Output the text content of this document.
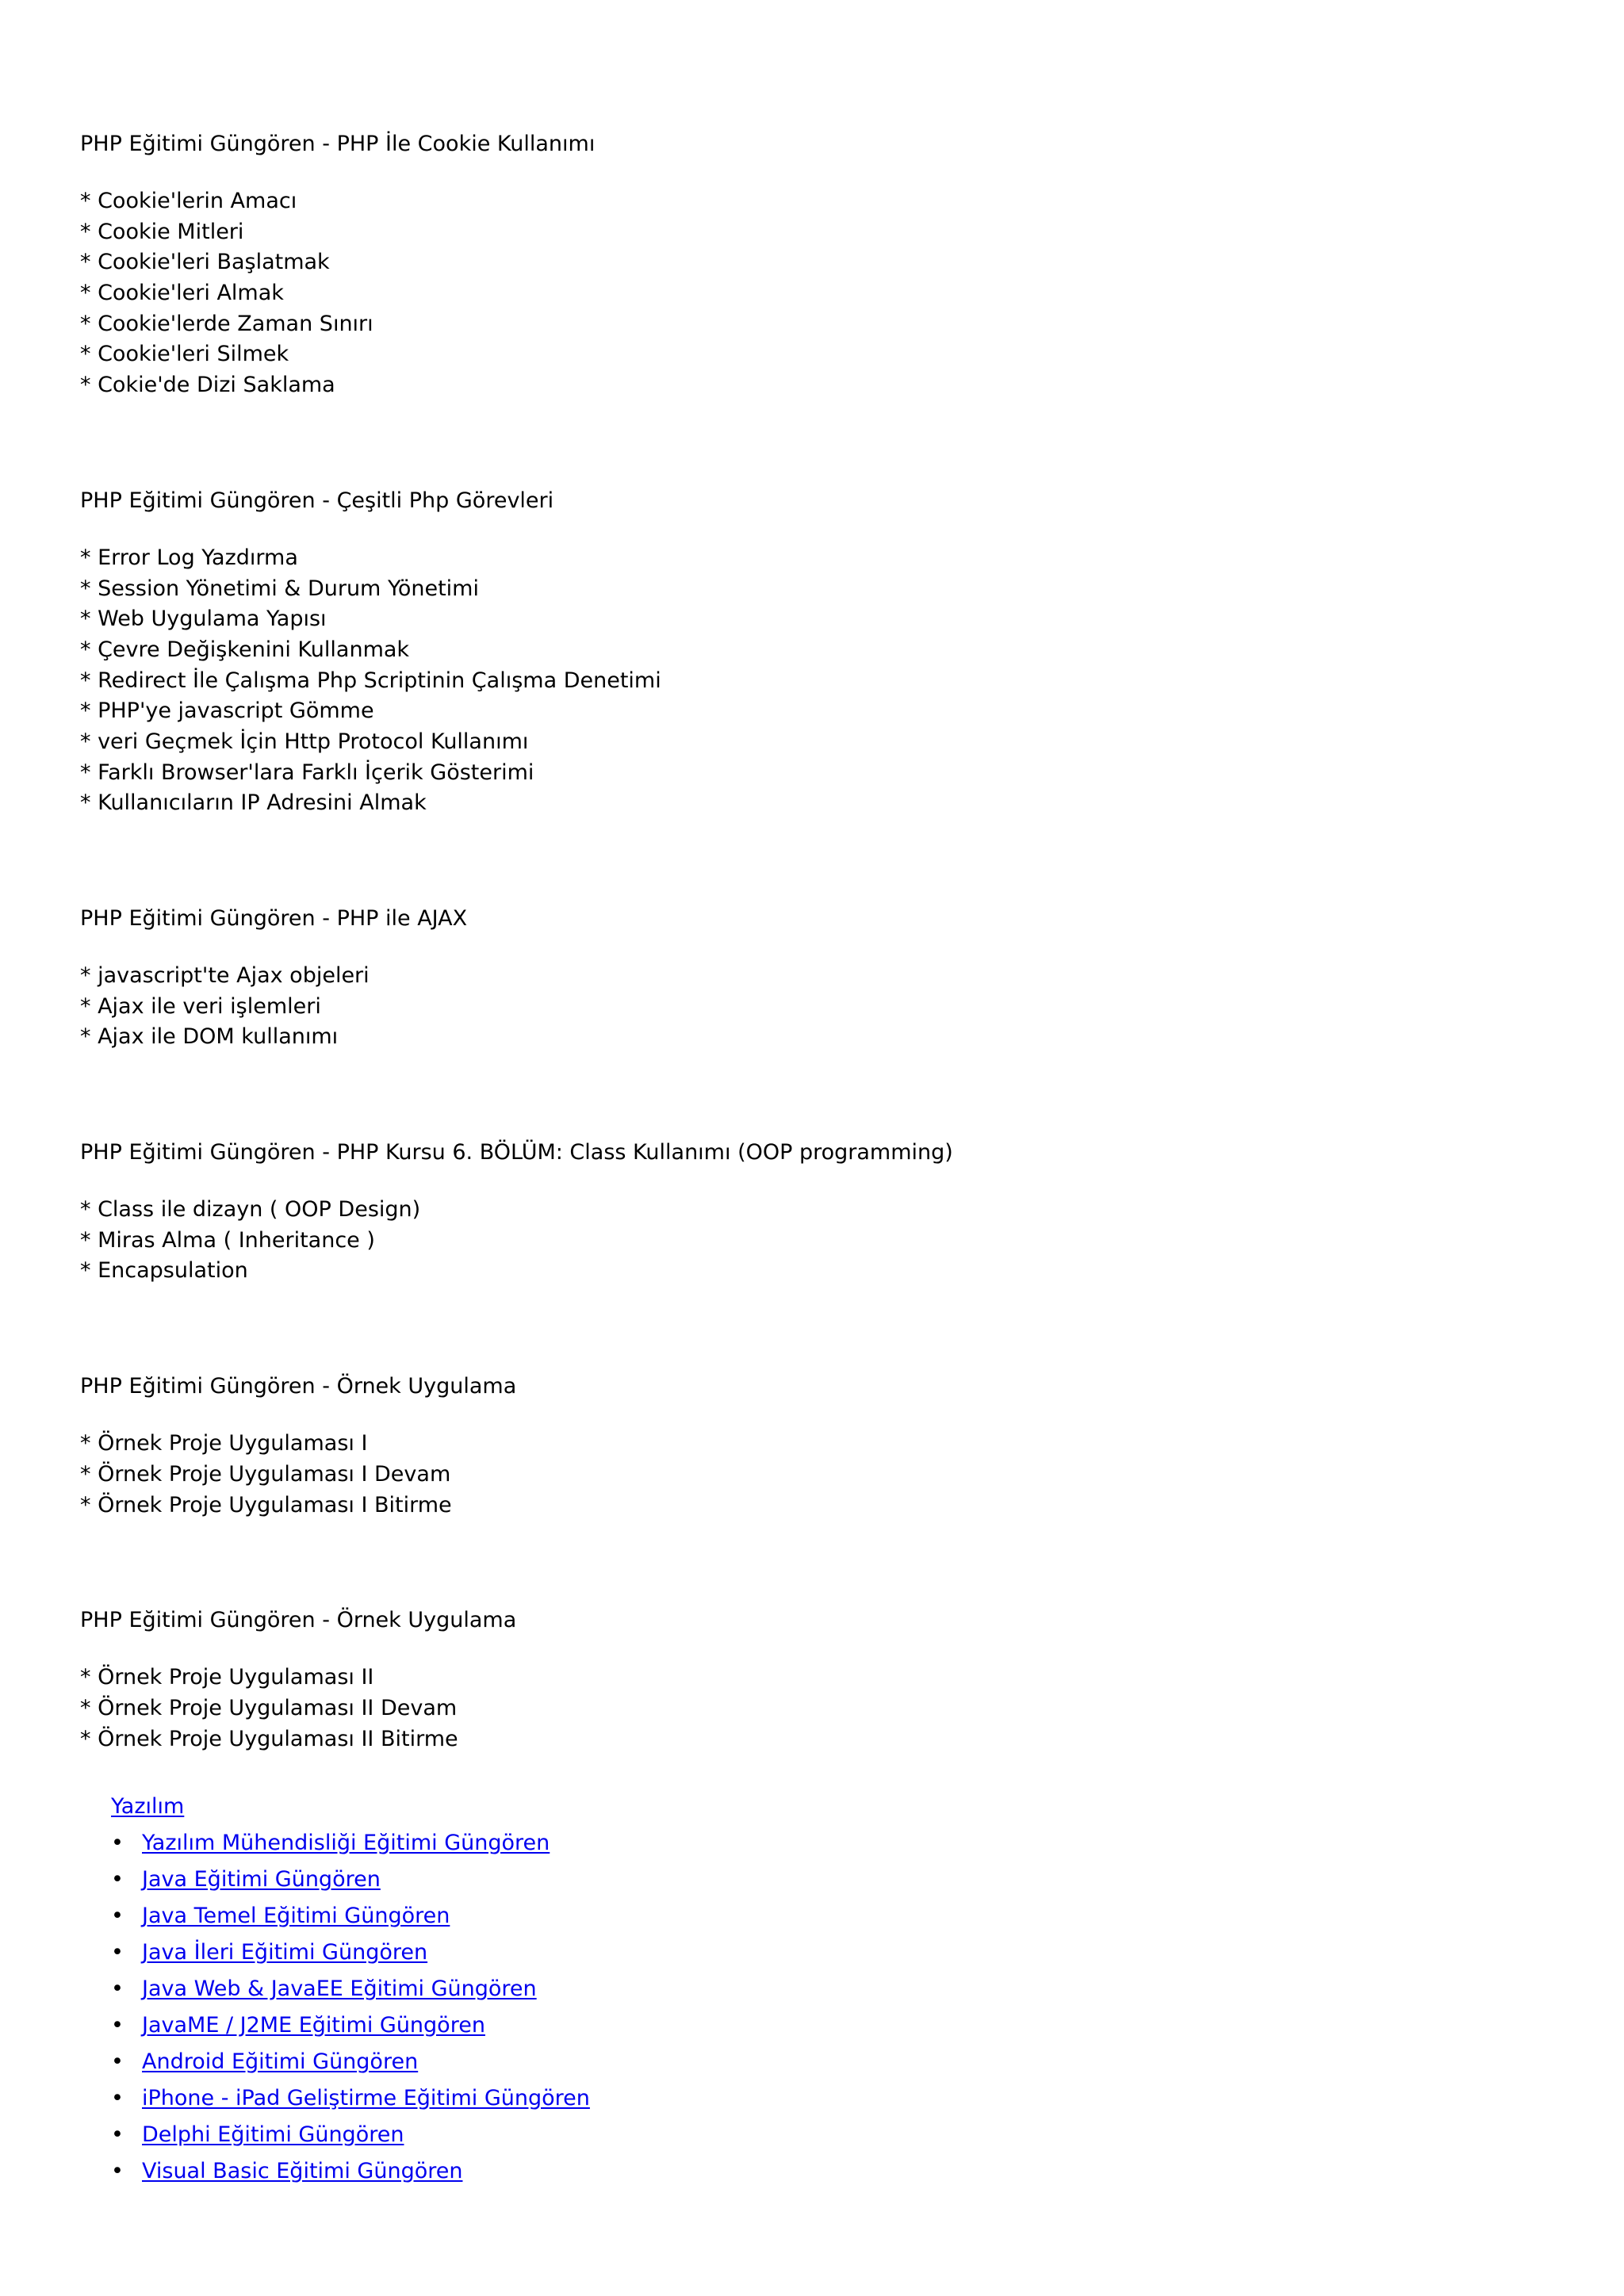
PHP Eğitimi Güngören - PHP İle Cookie Kullanımı
* Cookie'lerin Amacı
* Cookie Mitleri
* Cookie'leri Başlatmak
* Cookie'leri Almak
* Cookie'lerde Zaman Sınırı
* Cookie'leri Silmek
* Cokie'de Dizi Saklama
PHP Eğitimi Güngören - Çeşitli Php Görevleri
* Error Log Yazdırma
* Session Yönetimi & Durum Yönetimi
* Web Uygulama Yapısı
* Çevre Değişkenini Kullanmak
* Redirect İle Çalışma Php Scriptinin Çalışma Denetimi
* PHP'ye javascript Gömme
* veri Geçmek İçin Http Protocol Kullanımı
* Farklı Browser'lara Farklı İçerik Gösterimi
* Kullanıcıların IP Adresini Almak
PHP Eğitimi Güngören - PHP ile AJAX
* javascript'te Ajax objeleri
* Ajax ile veri işlemleri
* Ajax ile DOM kullanımı
PHP Eğitimi Güngören - PHP Kursu 6. BÖLÜM: Class Kullanımı (OOP programming)
* Class ile dizayn ( OOP Design)
* Miras Alma ( Inheritance )
* Encapsulation
PHP Eğitimi Güngören - Örnek Uygulama
* Örnek Proje Uygulaması I
* Örnek Proje Uygulaması I Devam
* Örnek Proje Uygulaması I Bitirme
PHP Eğitimi Güngören - Örnek Uygulama
* Örnek Proje Uygulaması II
* Örnek Proje Uygulaması II Devam
* Örnek Proje Uygulaması II Bitirme
Yazılım
• Yazılım Mühendisliği Eğitimi Güngören
• Java Eğitimi Güngören
• Java Temel Eğitimi Güngören
• Java İleri Eğitimi Güngören
• Java Web & JavaEE Eğitimi Güngören
• JavaME / J2ME Eğitimi Güngören
• Android Eğitimi Güngören
• iPhone - iPad Geliştirme Eğitimi Güngören
• Delphi Eğitimi Güngören
• Visual Basic Eğitimi Güngören
